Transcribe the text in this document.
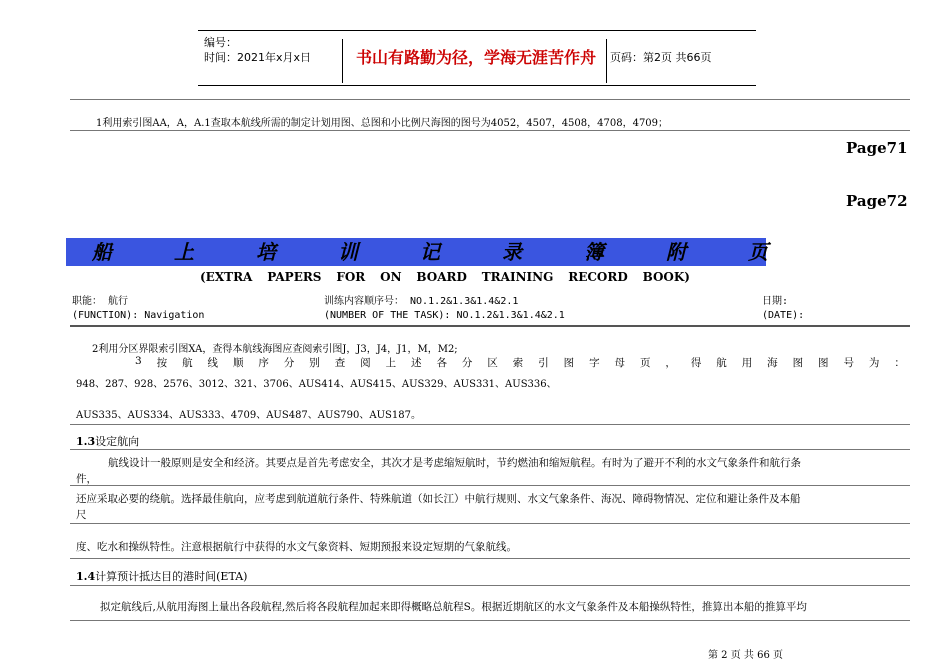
编号：
时间：2021年x月x日	书山有路勤为径，学海无涯苦作舟	页码：第2页 共66页
1利用索引图AA，A，A.1查取本航线所需的制定计划用图、总图和小比例尺海图的图号为4052，4507，4508，4708，4709；
Page71
Page72
船	上	培	训	记	录	簿	附	页
(EXTRA PAPERS FOR ON BOARD TRAINING RECORD BOOK)
职能： 航行	训练内容顺序号： NO.1.2&1.3&1.4&2.1	日期:
(FUNCTION): Navigation	(NUMBER OF THE TASK): NO.1.2&1.3&1.4&2.1	(DATE):
2利用分区界限索引图XA，查得本航线海图应查阅索引图J，J3，J4，J1，M，M2;
3 按 航 线 顺 序 分 别 查 阅 上 述 各 分 区 索 引 图 字 母 页 ， 得 航 用 海 图 图 号 为 ：
948、287、928、2576、3012、321、3706、AUS414、AUS415、AUS329、AUS331、AUS336、
AUS335、AUS334、AUS333、4709、AUS487、AUS790、AUS187。
1.3设定航向
航线设计一般原则是安全和经济。其要点是首先考虑安全，其次才是考虑缩短航时，节约燃油和缩短航程。有时为了避开不利的水文气象条件和航行条
件，
还应采取必要的绕航。选择最佳航向，应考虑到航道航行条件、特殊航道（如长江）中航行规则、水文气象条件、海况、障碍物情况、定位和避让条件及本船
尺
度、吃水和操纵特性。注意根据航行中获得的水文气象资料、短期预报来设定短期的气象航线。
1.4计算预计抵达目的港时间(ETA)
拟定航线后,从航用海图上量出各段航程,然后将各段航程加起来即得概略总航程S。根据近期航区的水文气象条件及本船操纵特性，推算出本船的推算平均
第 2 页 共 66 页
